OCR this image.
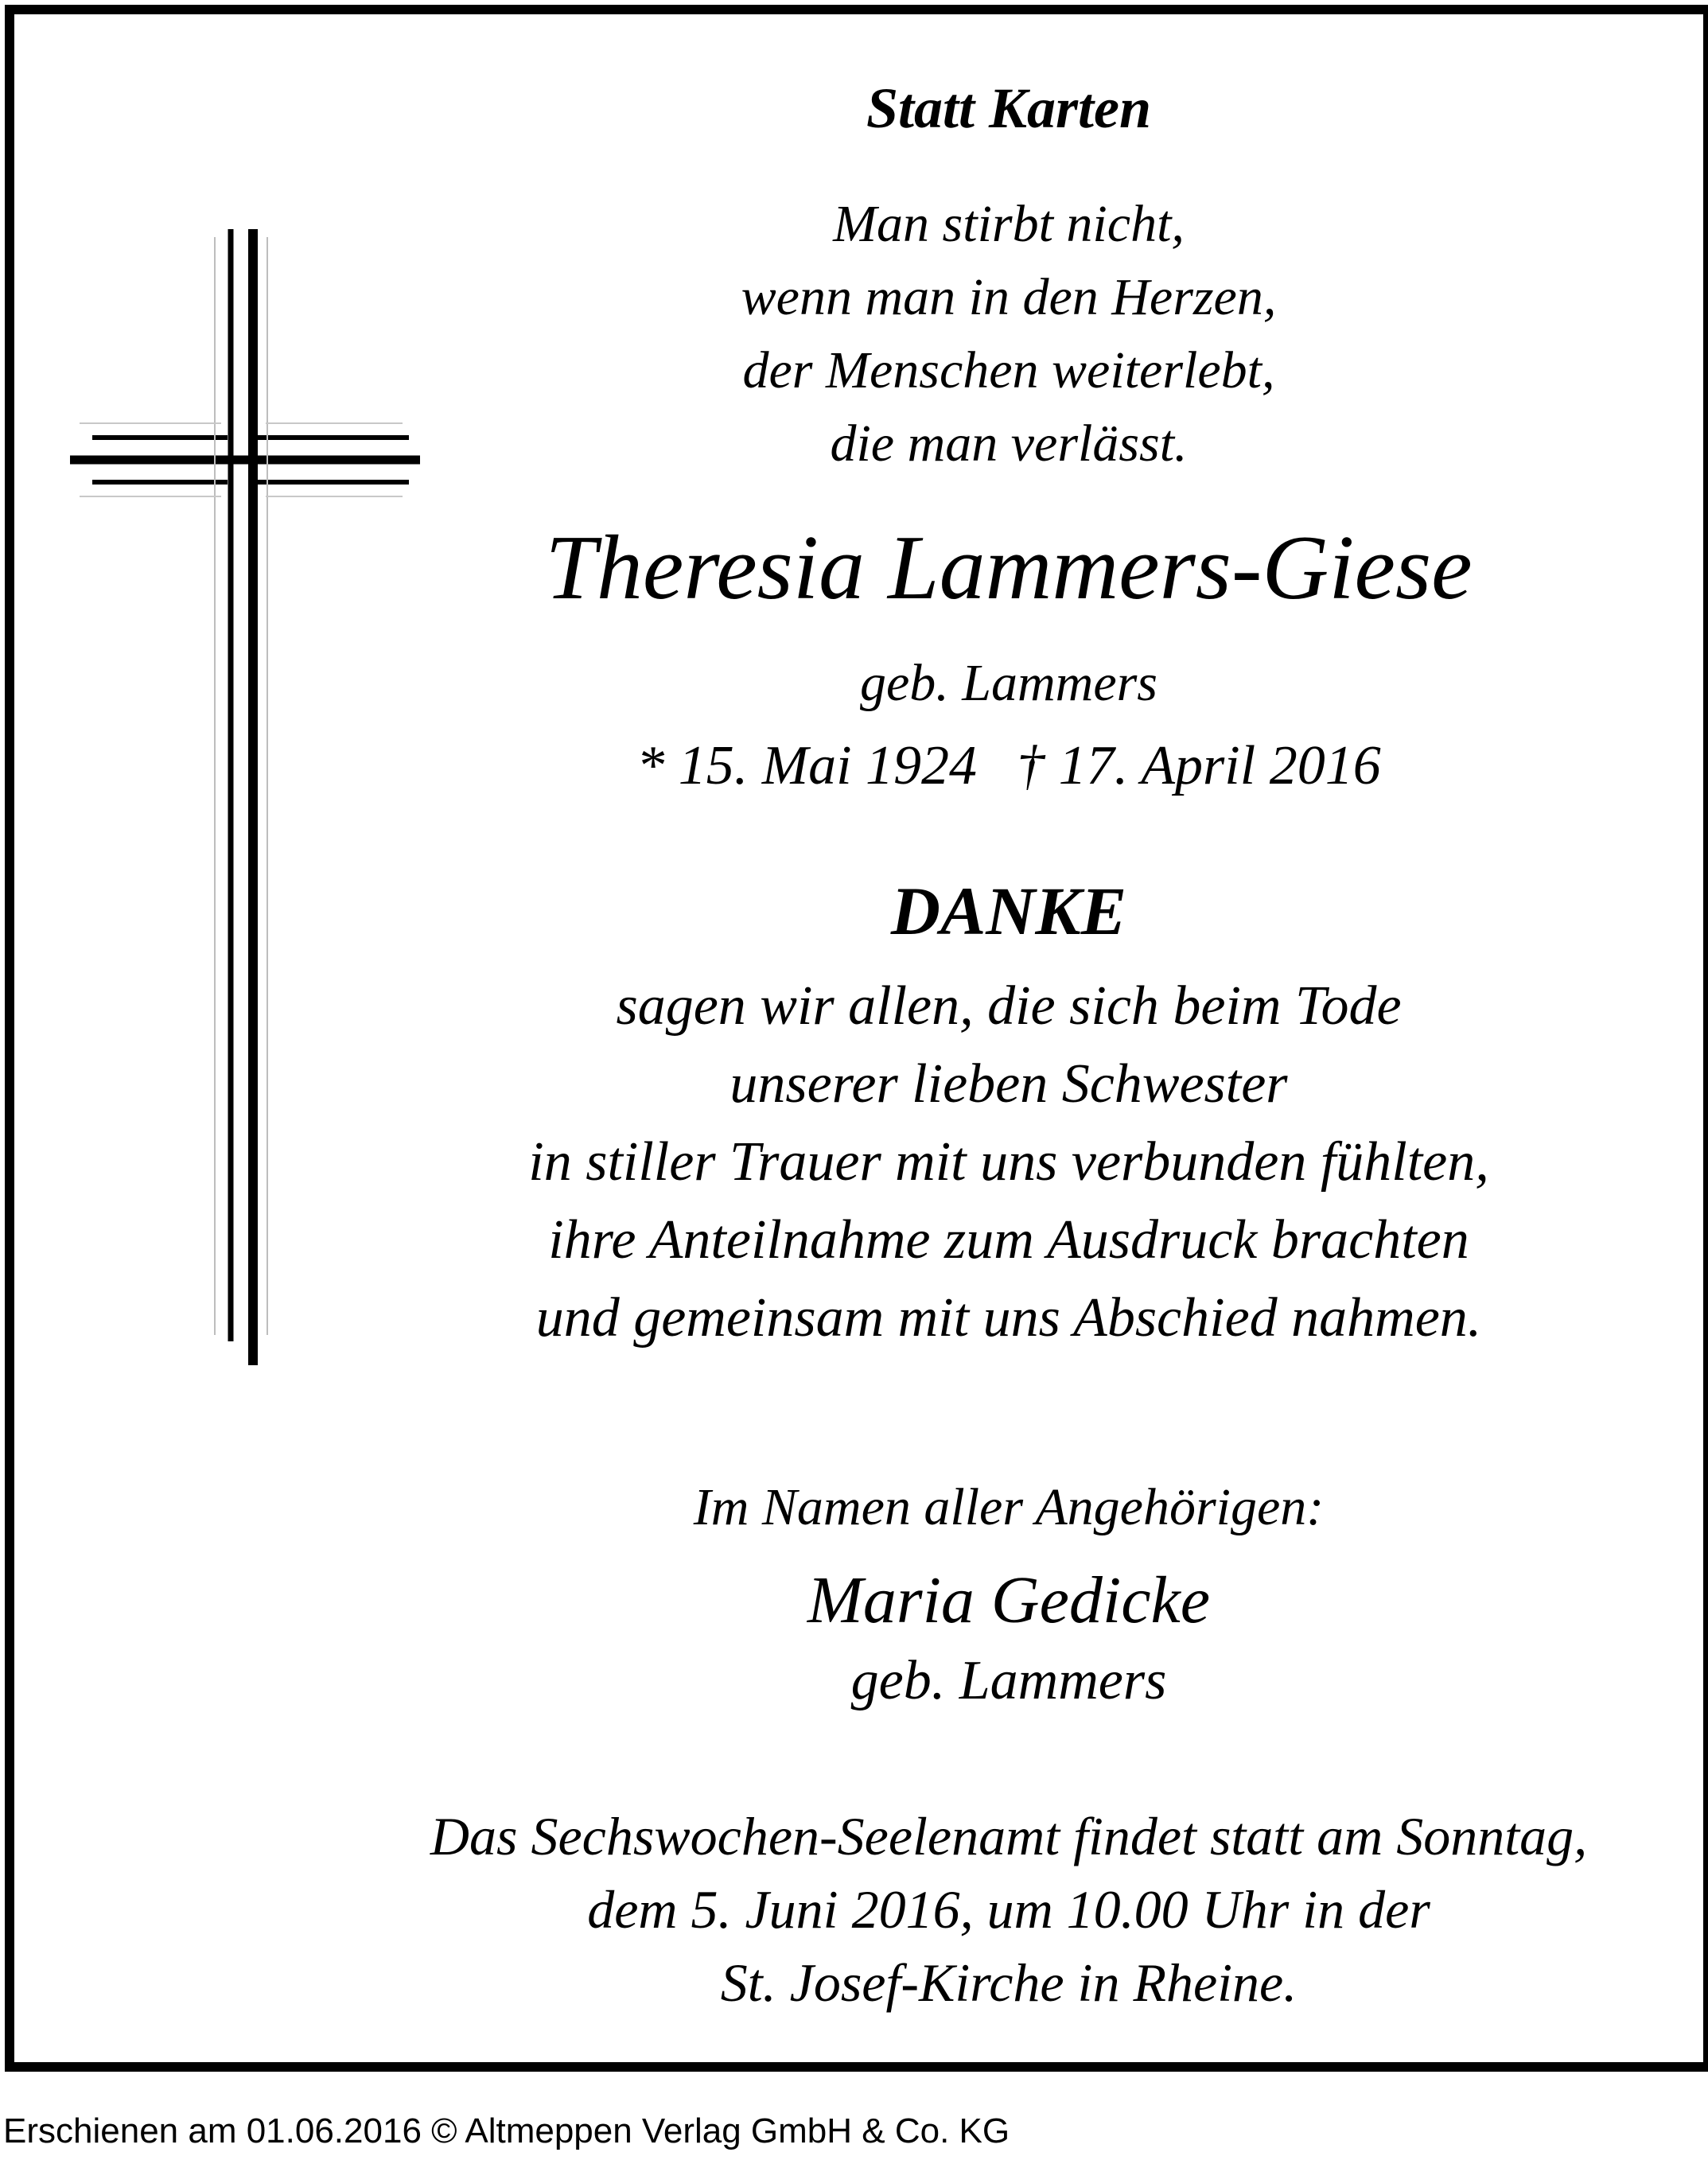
Statt Karten
Man stirbt nicht,
wenn man in den Herzen,
der Menschen weiterlebt,
die man verlässt.
Theresia Lammers-Giese
geb. Lammers
* 15. Mai 1924 † 17. April 2016
DANKE
sagen wir allen, die sich beim Tode
unserer lieben Schwester
in stiller Trauer mit uns verbunden fühlten,
ihre Anteilnahme zum Ausdruck brachten
und gemeinsam mit uns Abschied nahmen.
Im Namen aller Angehörigen:
Maria Gedicke
geb. Lammers
Das Sechswochen-Seelenamt findet statt am Sonntag,
dem 5. Juni 2016, um 10.00 Uhr in der
St. Josef-Kirche in Rheine.
Erschienen am 01.06.2016 © Altmeppen Verlag GmbH & Co. KG
